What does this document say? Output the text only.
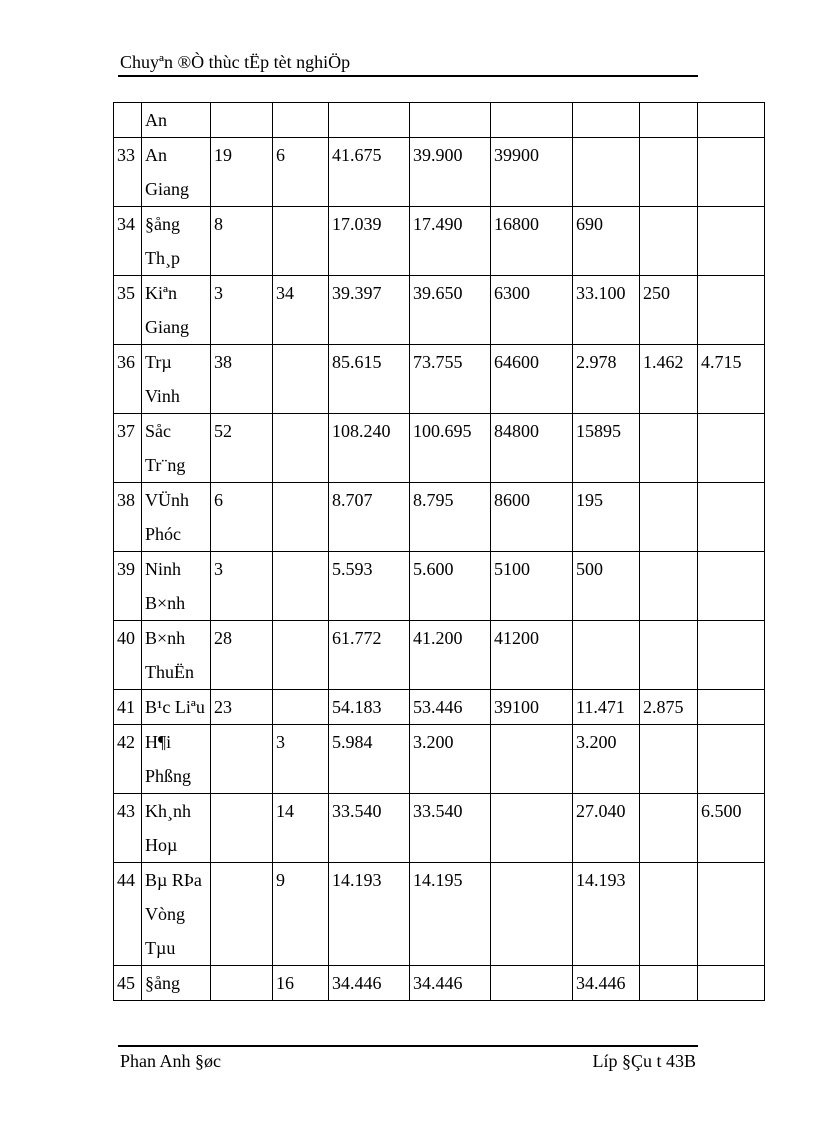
Chuyªn ®Ò thùc tËp tèt nghiÖp
	An								
33	An Giang	19	6	41.675	39.900	39900			
34	§ång Th¸p	8		17.039	17.490	16800	690		
35	Kiªn Giang	3	34	39.397	39.650	6300	33.100	250	
36	Trµ Vinh	38		85.615	73.755	64600	2.978	1.462	4.715
37	Såc Tr¨ng	52		108.240	100.695	84800	15895		
38	VÜnh Phóc	6		8.707	8.795	8600	195		
39	Ninh B×nh	3		5.593	5.600	5100	500		
40	B×nh ThuËn	28		61.772	41.200	41200			
41	B¹c Liªu	23		54.183	53.446	39100	11.471	2.875	
42	H¶i Phßng		3	5.984	3.200		3.200		
43	Kh¸nh Hoµ		14	33.540	33.540		27.040		6.500
44	Bµ RÞa Vòng Tµu		9	14.193	14.195		14.193		
45	§ång		16	34.446	34.446		34.446		
Phan Anh §øc	Líp §Çu t 43B
